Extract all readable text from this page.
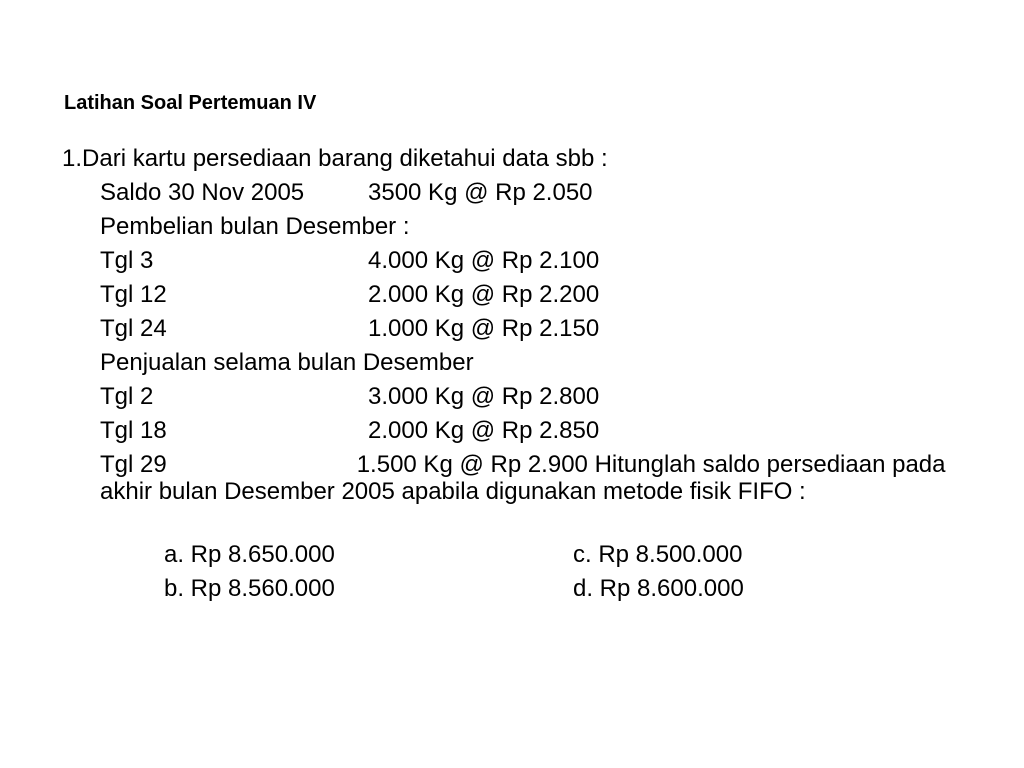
Latihan Soal Pertemuan IV
1.Dari kartu persediaan barang diketahui data sbb :
Saldo 30 Nov 2005	3500 Kg @ Rp 2.050
Pembelian bulan Desember :
Tgl 3	4.000 Kg @ Rp 2.100
Tgl 12	2.000 Kg @ Rp 2.200
Tgl 24	1.000 Kg @ Rp 2.150
Penjualan selama bulan Desember
Tgl 2	3.000 Kg @ Rp 2.800
Tgl 18	2.000 Kg @ Rp 2.850
Tgl 29	1.500 Kg @ Rp 2.900 Hitunglah saldo persediaan pada akhir bulan Desember 2005 apabila digunakan metode fisik FIFO :
a. Rp 8.650.000	c. Rp 8.500.000
b. Rp 8.560.000	d. Rp 8.600.000
